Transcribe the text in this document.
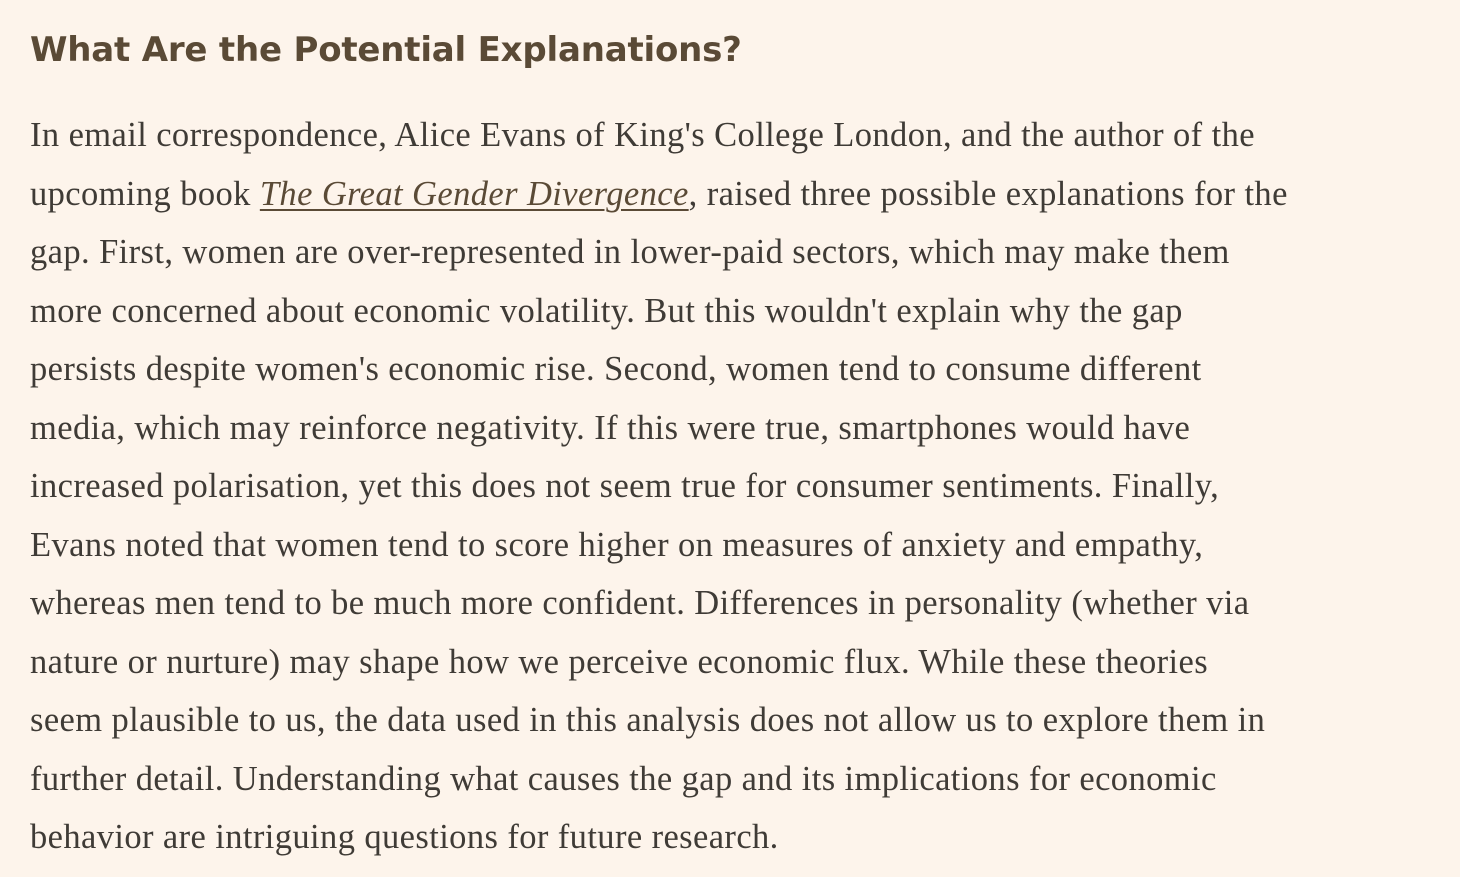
What Are the Potential Explanations?

In email correspondence, Alice Evans of King's College London, and the author of the
upcoming book The Great Gender Divergence, raised three possible explanations for the
gap. First, women are over-represented in lower-paid sectors, which may make them
more concerned about economic volatility. But this wouldn't explain why the gap
persists despite women's economic rise. Second, women tend to consume different
media, which may reinforce negativity. If this were true, smartphones would have
increased polarisation, yet this does not seem true for consumer sentiments. Finally,
Evans noted that women tend to score higher on measures of anxiety and empathy,
whereas men tend to be much more confident. Differences in personality (whether via
nature or nurture) may shape how we perceive economic flux. While these theories
seem plausible to us, the data used in this analysis does not allow us to explore them in
further detail. Understanding what causes the gap and its implications for economic
behavior are intriguing questions for future research.
